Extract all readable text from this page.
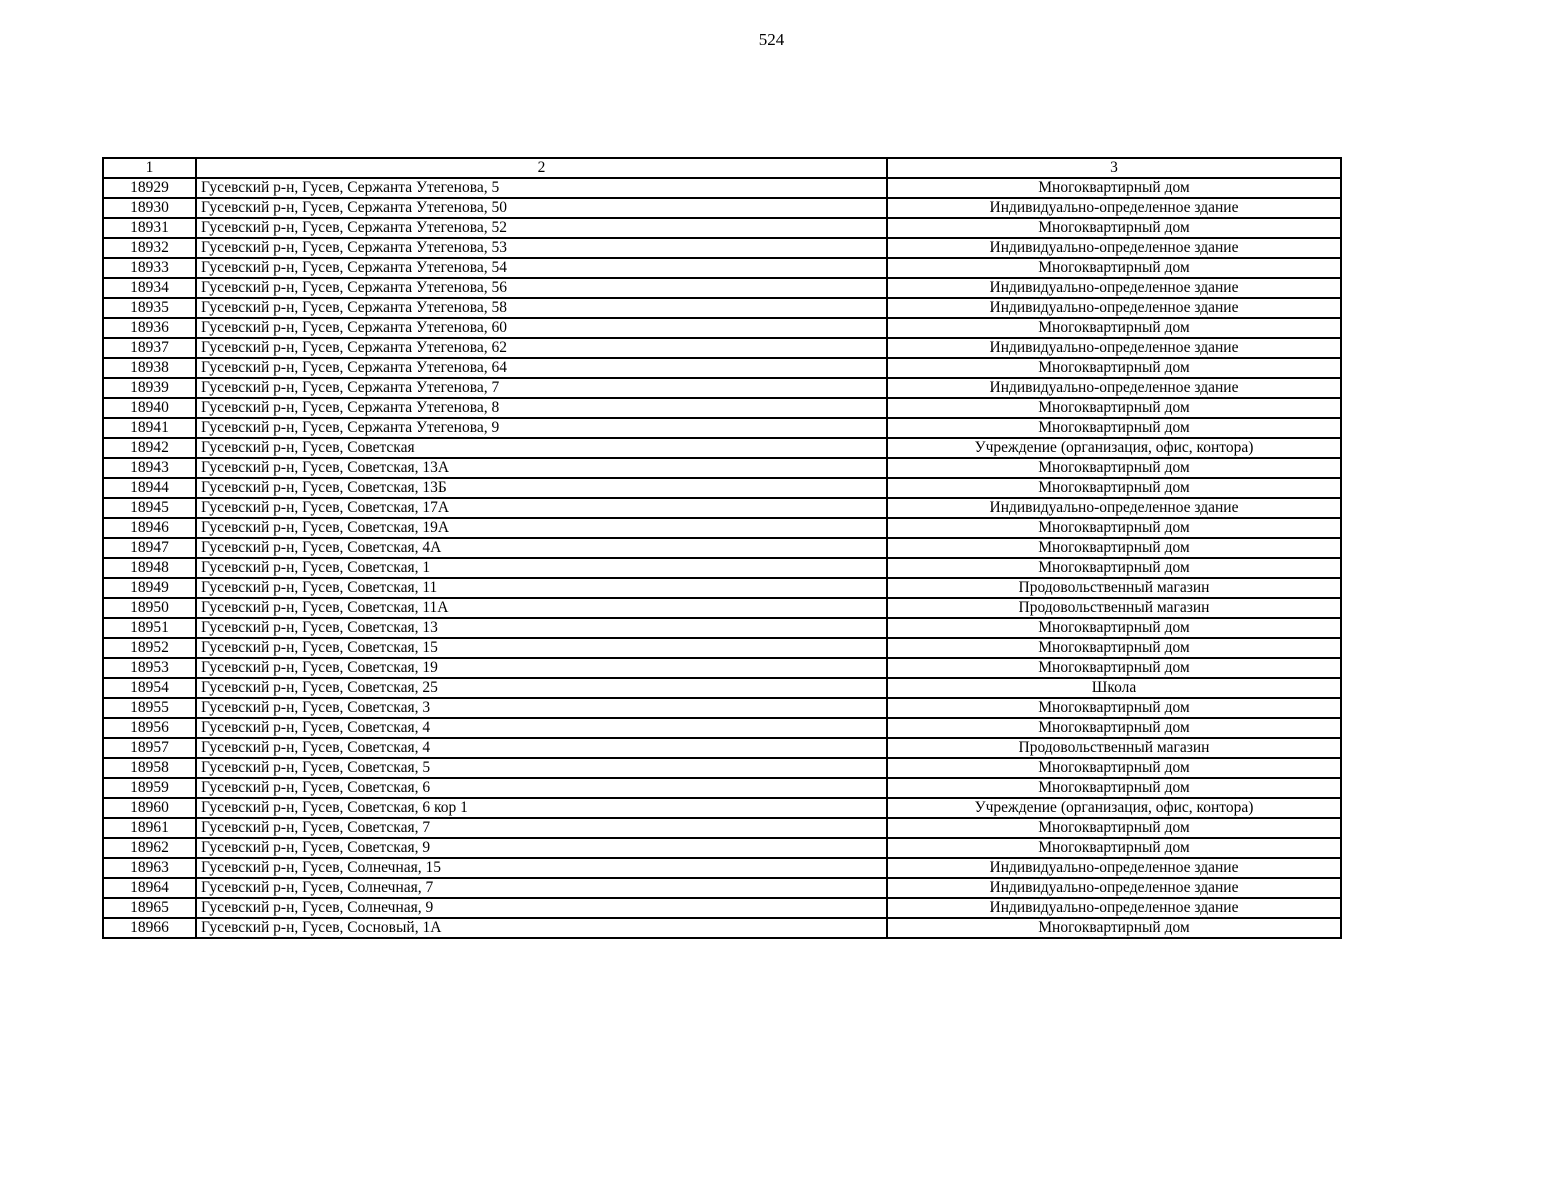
524
1	2	3
18929	Гусевский р-н, Гусев, Сержанта Утегенова, 5	Многоквартирный дом
18930	Гусевский р-н, Гусев, Сержанта Утегенова, 50	Индивидуально-определенное здание
18931	Гусевский р-н, Гусев, Сержанта Утегенова, 52	Многоквартирный дом
18932	Гусевский р-н, Гусев, Сержанта Утегенова, 53	Индивидуально-определенное здание
18933	Гусевский р-н, Гусев, Сержанта Утегенова, 54	Многоквартирный дом
18934	Гусевский р-н, Гусев, Сержанта Утегенова, 56	Индивидуально-определенное здание
18935	Гусевский р-н, Гусев, Сержанта Утегенова, 58	Индивидуально-определенное здание
18936	Гусевский р-н, Гусев, Сержанта Утегенова, 60	Многоквартирный дом
18937	Гусевский р-н, Гусев, Сержанта Утегенова, 62	Индивидуально-определенное здание
18938	Гусевский р-н, Гусев, Сержанта Утегенова, 64	Многоквартирный дом
18939	Гусевский р-н, Гусев, Сержанта Утегенова, 7	Индивидуально-определенное здание
18940	Гусевский р-н, Гусев, Сержанта Утегенова, 8	Многоквартирный дом
18941	Гусевский р-н, Гусев, Сержанта Утегенова, 9	Многоквартирный дом
18942	Гусевский р-н, Гусев, Советская	Учреждение (организация, офис, контора)
18943	Гусевский р-н, Гусев, Советская, 13А	Многоквартирный дом
18944	Гусевский р-н, Гусев, Советская, 13Б	Многоквартирный дом
18945	Гусевский р-н, Гусев, Советская, 17А	Индивидуально-определенное здание
18946	Гусевский р-н, Гусев, Советская, 19А	Многоквартирный дом
18947	Гусевский р-н, Гусев, Советская, 4А	Многоквартирный дом
18948	Гусевский р-н, Гусев, Советская, 1	Многоквартирный дом
18949	Гусевский р-н, Гусев, Советская, 11	Продовольственный магазин
18950	Гусевский р-н, Гусев, Советская, 11А	Продовольственный магазин
18951	Гусевский р-н, Гусев, Советская, 13	Многоквартирный дом
18952	Гусевский р-н, Гусев, Советская, 15	Многоквартирный дом
18953	Гусевский р-н, Гусев, Советская, 19	Многоквартирный дом
18954	Гусевский р-н, Гусев, Советская, 25	Школа
18955	Гусевский р-н, Гусев, Советская, 3	Многоквартирный дом
18956	Гусевский р-н, Гусев, Советская, 4	Многоквартирный дом
18957	Гусевский р-н, Гусев, Советская, 4	Продовольственный магазин
18958	Гусевский р-н, Гусев, Советская, 5	Многоквартирный дом
18959	Гусевский р-н, Гусев, Советская, 6	Многоквартирный дом
18960	Гусевский р-н, Гусев, Советская, 6 кор 1	Учреждение (организация, офис, контора)
18961	Гусевский р-н, Гусев, Советская, 7	Многоквартирный дом
18962	Гусевский р-н, Гусев, Советская, 9	Многоквартирный дом
18963	Гусевский р-н, Гусев, Солнечная, 15	Индивидуально-определенное здание
18964	Гусевский р-н, Гусев, Солнечная, 7	Индивидуально-определенное здание
18965	Гусевский р-н, Гусев, Солнечная, 9	Индивидуально-определенное здание
18966	Гусевский р-н, Гусев, Сосновый, 1А	Многоквартирный дом
